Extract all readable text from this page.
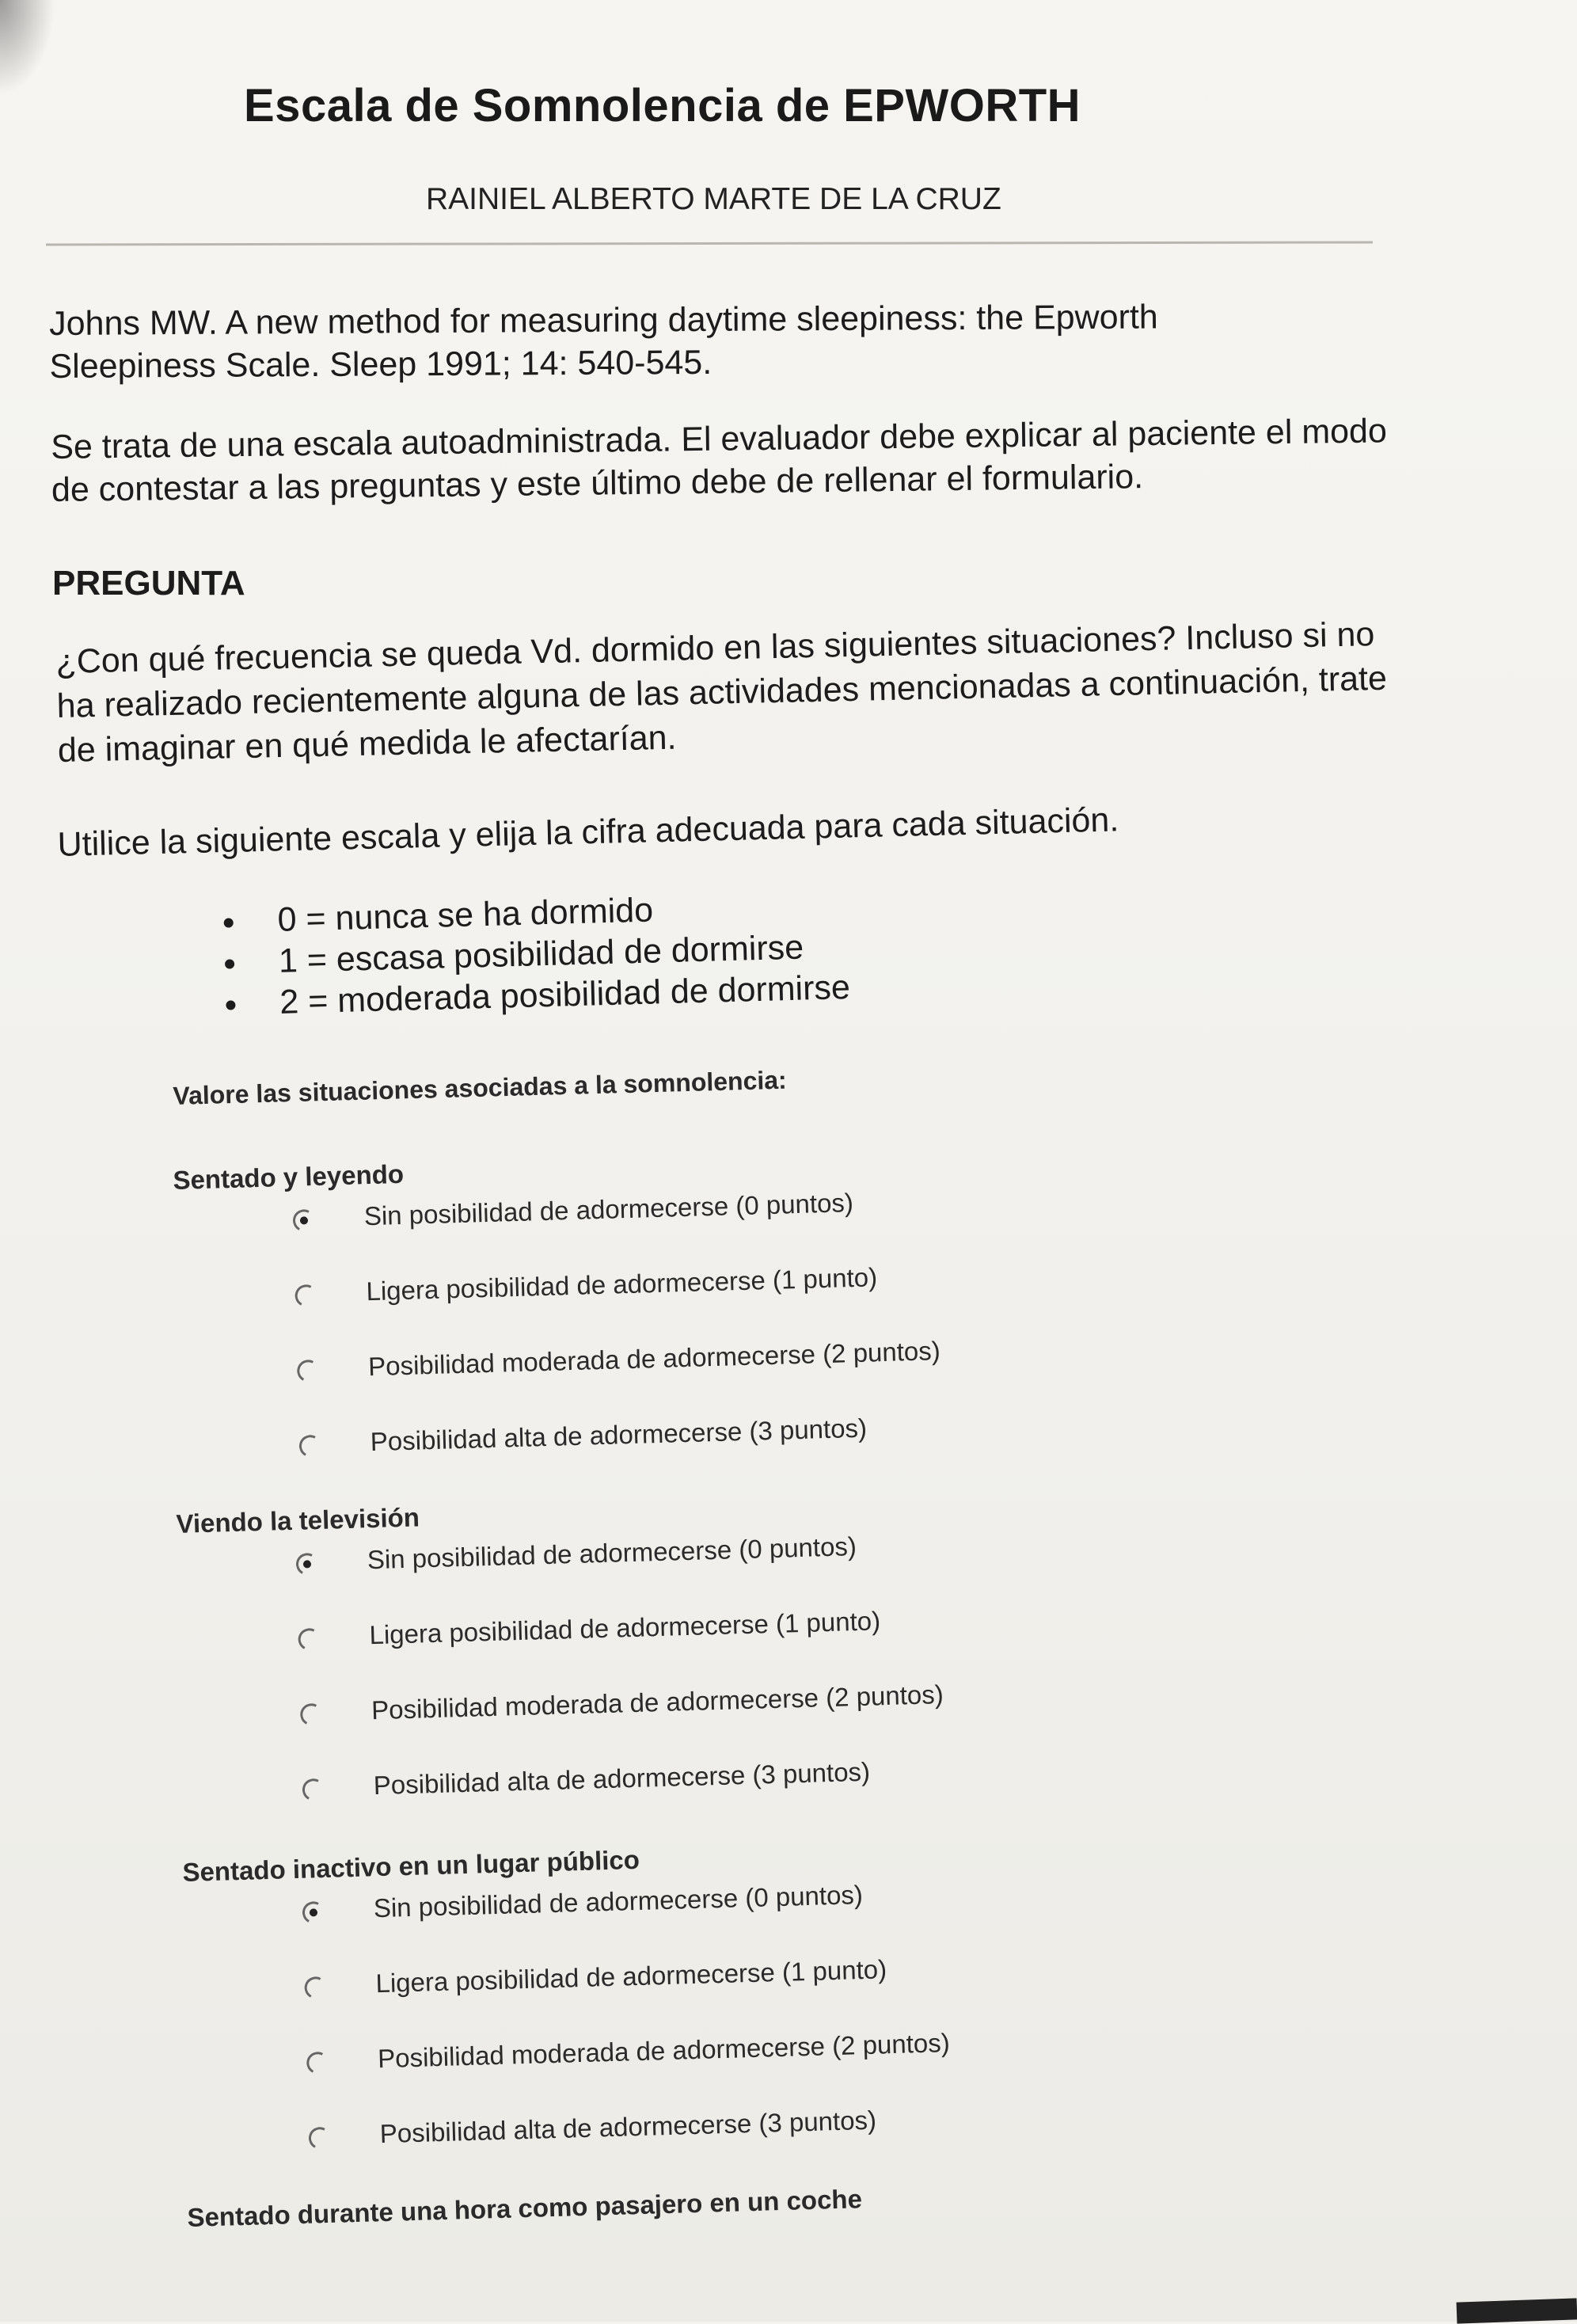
Escala de Somnolencia de EPWORTH
RAINIEL ALBERTO MARTE DE LA CRUZ
Johns MW. A new method for measuring daytime sleepiness: the Epworth Sleepiness Scale. Sleep 1991; 14: 540-545.
Se trata de una escala autoadministrada. El evaluador debe explicar al paciente el modo de contestar a las preguntas y este último debe de rellenar el formulario.
PREGUNTA
¿Con qué frecuencia se queda Vd. dormido en las siguientes situaciones? Incluso si no ha realizado recientemente alguna de las actividades mencionadas a continuación, trate de imaginar en qué medida le afectarían.
Utilice la siguiente escala y elija la cifra adecuada para cada situación.
0 = nunca se ha dormido
1 = escasa posibilidad de dormirse
2 = moderada posibilidad de dormirse
Valore las situaciones asociadas a la somnolencia:
Sentado y leyendo
Sin posibilidad de adormecerse (0 puntos)
Ligera posibilidad de adormecerse (1 punto)
Posibilidad moderada de adormecerse (2 puntos)
Posibilidad alta de adormecerse (3 puntos)
Viendo la televisión
Sin posibilidad de adormecerse (0 puntos)
Ligera posibilidad de adormecerse (1 punto)
Posibilidad moderada de adormecerse (2 puntos)
Posibilidad alta de adormecerse (3 puntos)
Sentado inactivo en un lugar público
Sin posibilidad de adormecerse (0 puntos)
Ligera posibilidad de adormecerse (1 punto)
Posibilidad moderada de adormecerse (2 puntos)
Posibilidad alta de adormecerse (3 puntos)
Sentado durante una hora como pasajero en un coche
